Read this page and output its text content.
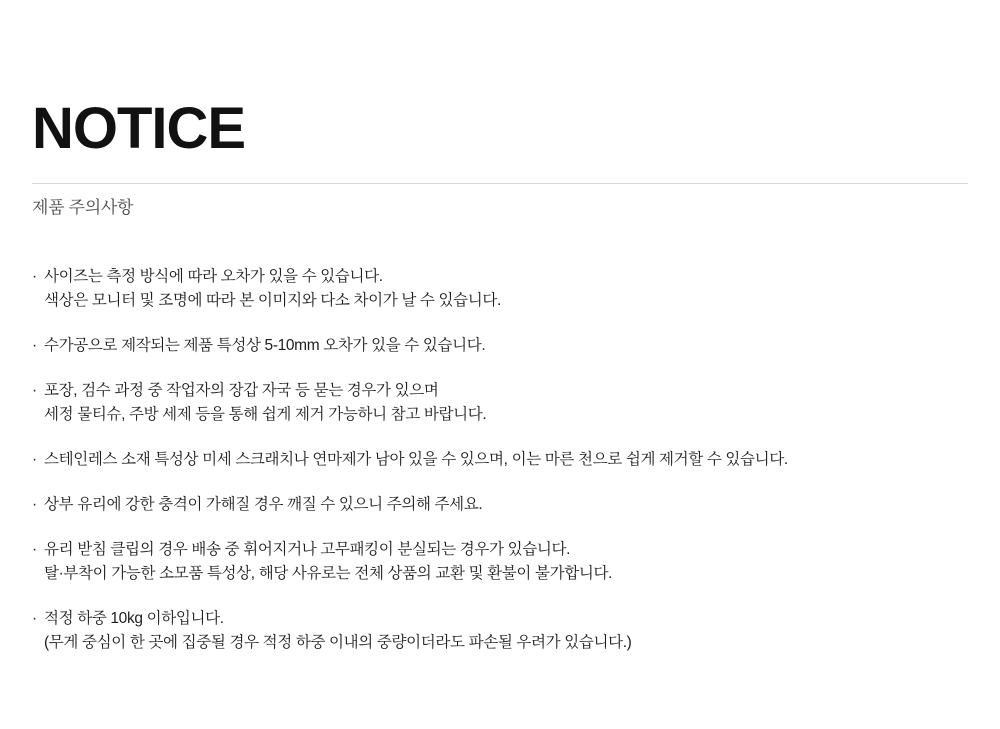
NOTICE
제품 주의사항
· 사이즈는 측정 방식에 따라 오차가 있을 수 있습니다.
색상은 모니터 및 조명에 따라 본 이미지와 다소 차이가 날 수 있습니다.
· 수가공으로 제작되는 제품 특성상 5-10mm 오차가 있을 수 있습니다.
· 포장, 검수 과정 중 작업자의 장갑 자국 등 묻는 경우가 있으며
세정 물티슈, 주방 세제 등을 통해 쉽게 제거 가능하니 참고 바랍니다.
· 스테인레스 소재 특성상 미세 스크래치나 연마제가 남아 있을 수 있으며, 이는 마른 천으로 쉽게 제거할 수 있습니다.
· 상부 유리에 강한 충격이 가해질 경우 깨질 수 있으니 주의해 주세요.
· 유리 받침 클립의 경우 배송 중 휘어지거나 고무패킹이 분실되는 경우가 있습니다.
탈·부착이 가능한 소모품 특성상, 해당 사유로는 전체 상품의 교환 및 환불이 불가합니다.
· 적정 하중 10kg 이하입니다.
(무게 중심이 한 곳에 집중될 경우 적정 하중 이내의 중량이더라도 파손될 우려가 있습니다.)
